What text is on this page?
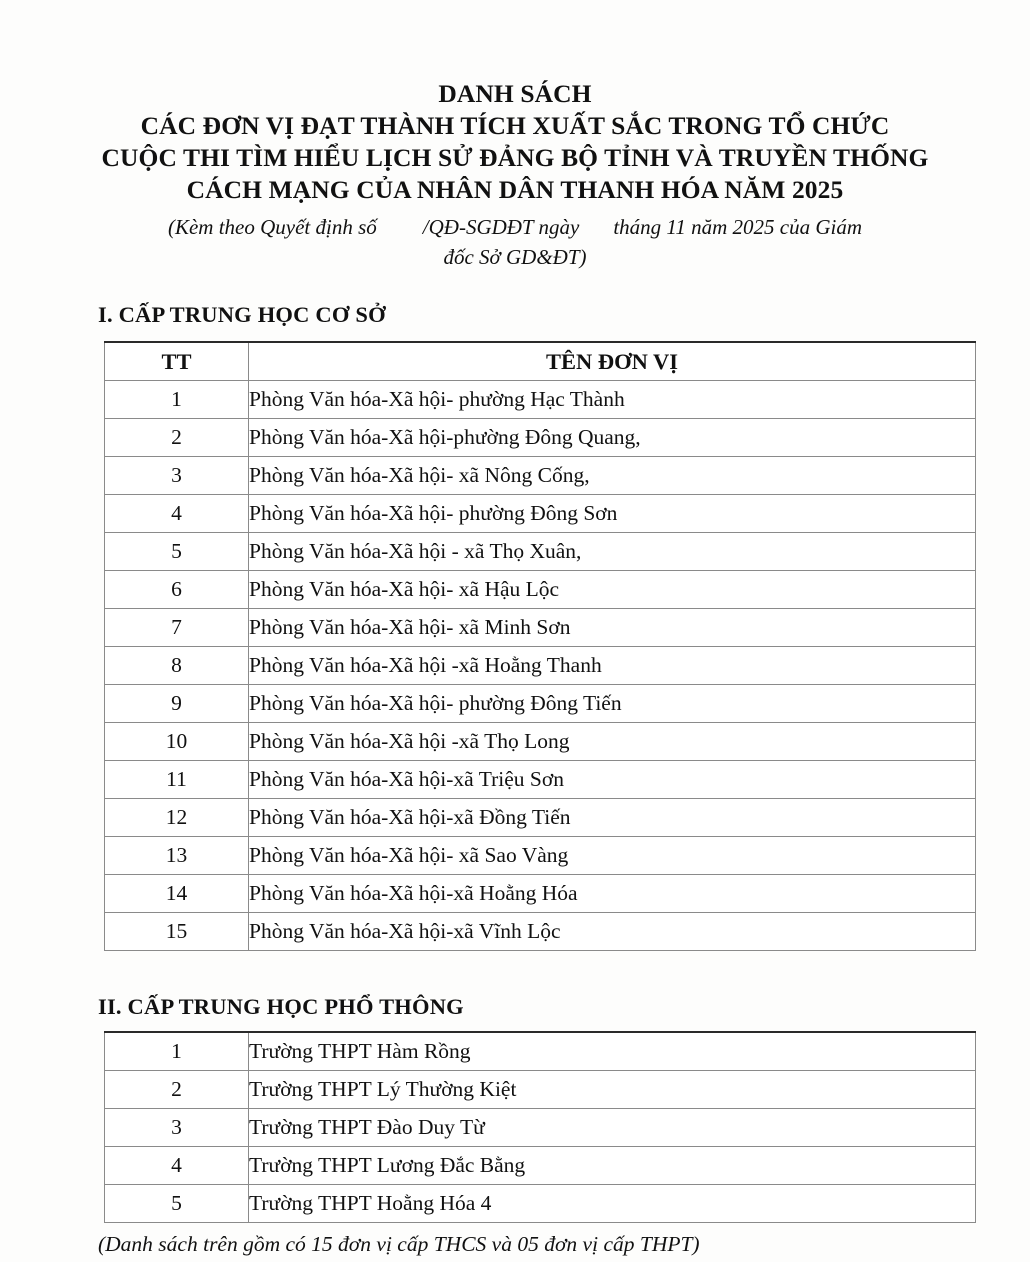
DANH SÁCH
CÁC ĐƠN VỊ ĐẠT THÀNH TÍCH XUẤT SẮC TRONG TỔ CHỨC
CUỘC THI TÌM HIỂU LỊCH SỬ ĐẢNG BỘ TỈNH VÀ TRUYỀN THỐNG
CÁCH MẠNG CỦA NHÂN DÂN THANH HÓA NĂM 2025
(Kèm theo Quyết định số /QĐ-SGDĐT ngày tháng 11 năm 2025 của Giám
đốc Sở GD&ĐT)
I. CẤP TRUNG HỌC CƠ SỞ
TT	TÊN ĐƠN VỊ
1	Phòng Văn hóa-Xã hội- phường Hạc Thành
2	Phòng Văn hóa-Xã hội-phường Đông Quang,
3	Phòng Văn hóa-Xã hội- xã Nông Cống,
4	Phòng Văn hóa-Xã hội- phường Đông Sơn
5	Phòng Văn hóa-Xã hội - xã Thọ Xuân,
6	Phòng Văn hóa-Xã hội- xã Hậu Lộc
7	Phòng Văn hóa-Xã hội- xã Minh Sơn
8	Phòng Văn hóa-Xã hội -xã Hoằng Thanh
9	Phòng Văn hóa-Xã hội- phường Đông Tiến
10	Phòng Văn hóa-Xã hội -xã Thọ Long
11	Phòng Văn hóa-Xã hội-xã Triệu Sơn
12	Phòng Văn hóa-Xã hội-xã Đồng Tiến
13	Phòng Văn hóa-Xã hội- xã Sao Vàng
14	Phòng Văn hóa-Xã hội-xã Hoằng Hóa
15	Phòng Văn hóa-Xã hội-xã Vĩnh Lộc
II. CẤP TRUNG HỌC PHỔ THÔNG
1	Trường THPT Hàm Rồng
2	Trường THPT Lý Thường Kiệt
3	Trường THPT Đào Duy Từ
4	Trường THPT Lương Đắc Bằng
5	Trường THPT Hoằng Hóa 4
(Danh sách trên gồm có 15 đơn vị cấp THCS và 05 đơn vị cấp THPT)
